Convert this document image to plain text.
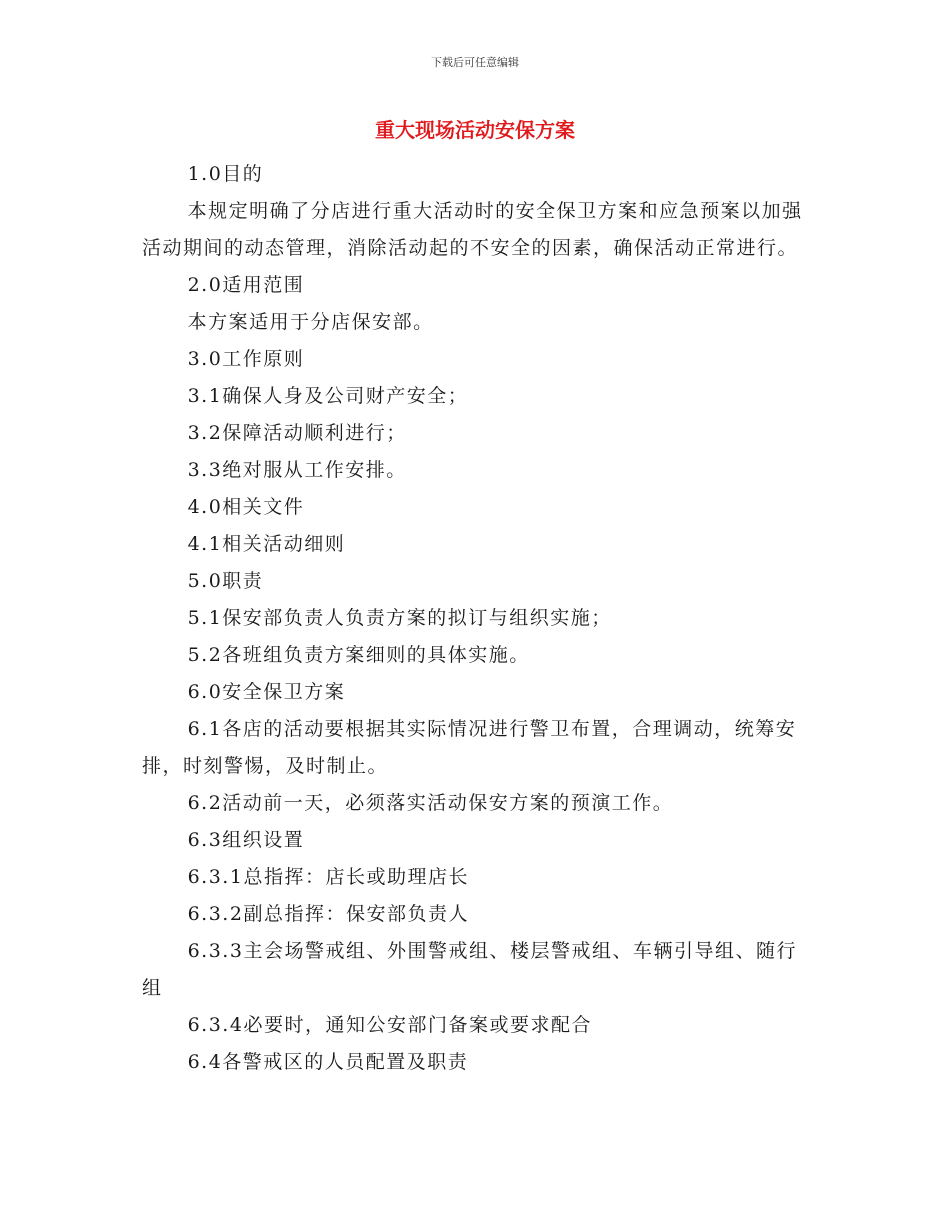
下载后可任意编辑
重大现场活动安保方案

1.0目的

本规定明确了分店进行重大活动时的安全保卫方案和应急预案以加强活动期间的动态管理，消除活动起的不安全的因素，确保活动正常进行。

2.0适用范围

本方案适用于分店保安部。

3.0工作原则

3.1确保人身及公司财产安全；

3.2保障活动顺利进行；

3.3绝对服从工作安排。

4.0相关文件

4.1相关活动细则

5.0职责

5.1保安部负责人负责方案的拟订与组织实施；

5.2各班组负责方案细则的具体实施。

6.0安全保卫方案

6.1各店的活动要根据其实际情况进行警卫布置，合理调动，统筹安排，时刻警惕，及时制止。

6.2活动前一天，必须落实活动保安方案的预演工作。

6.3组织设置

6.3.1总指挥：店长或助理店长

6.3.2副总指挥：保安部负责人

6.3.3主会场警戒组、外围警戒组、楼层警戒组、车辆引导组、随行组

6.3.4必要时，通知公安部门备案或要求配合

6.4各警戒区的人员配置及职责
